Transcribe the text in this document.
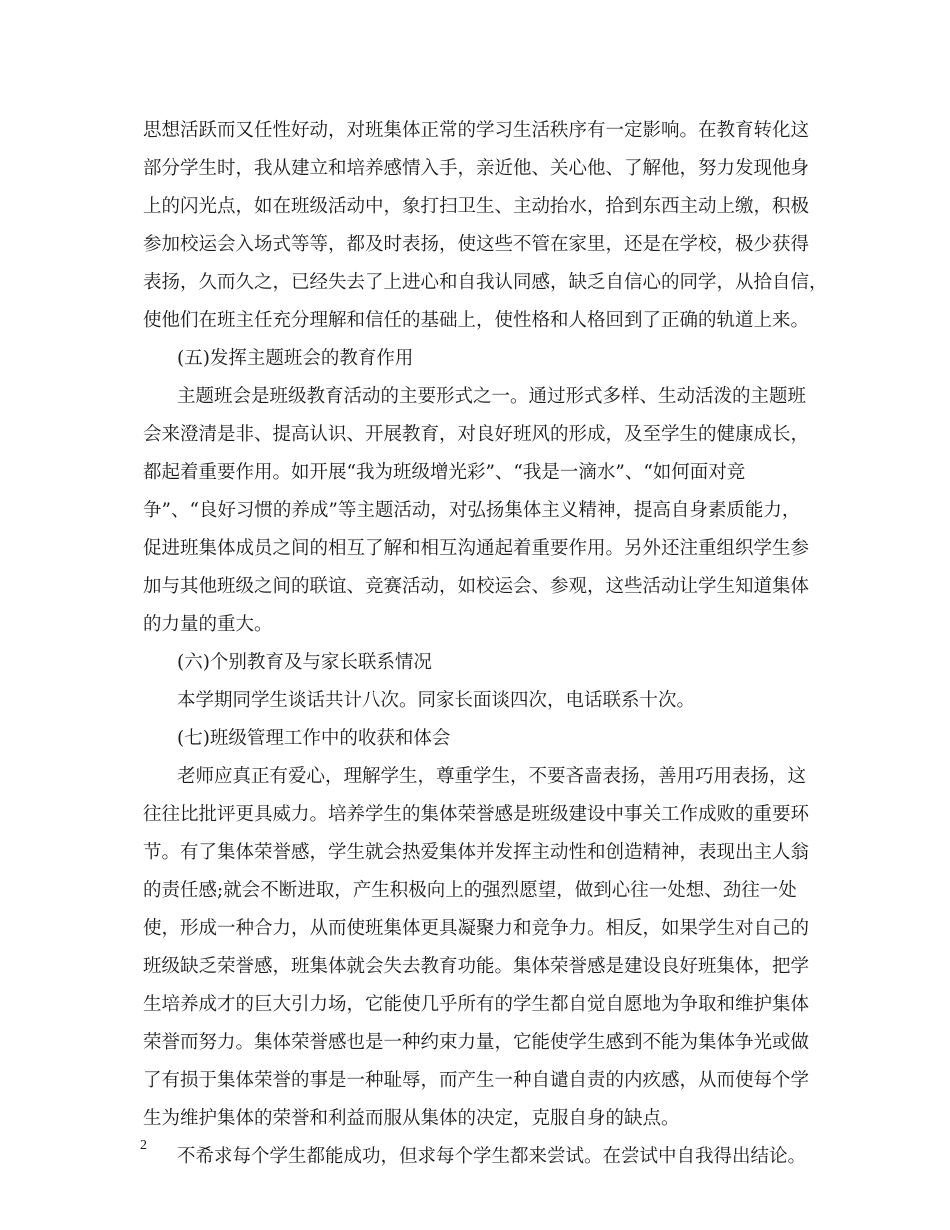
思想活跃而又任性好动，对班集体正常的学习生活秩序有一定影响。在教育转化这
部分学生时，我从建立和培养感情入手，亲近他、关心他、了解他，努力发现他身
上的闪光点，如在班级活动中，象打扫卫生、主动抬水，拾到东西主动上缴，积极
参加校运会入场式等等，都及时表扬，使这些不管在家里，还是在学校，极少获得
表扬，久而久之，已经失去了上进心和自我认同感，缺乏自信心的同学，从拾自信，
使他们在班主任充分理解和信任的基础上，使性格和人格回到了正确的轨道上来。
(五)发挥主题班会的教育作用
主题班会是班级教育活动的主要形式之一。通过形式多样、生动活泼的主题班
会来澄清是非、提高认识、开展教育，对良好班风的形成，及至学生的健康成长，
都起着重要作用。如开展“我为班级增光彩”、“我是一滴水”、“如何面对竞
争”、“良好习惯的养成”等主题活动，对弘扬集体主义精神，提高自身素质能力，
促进班集体成员之间的相互了解和相互沟通起着重要作用。另外还注重组织学生参
加与其他班级之间的联谊、竞赛活动，如校运会、参观，这些活动让学生知道集体
的力量的重大。
(六)个别教育及与家长联系情况
本学期同学生谈话共计八次。同家长面谈四次，电话联系十次。
(七)班级管理工作中的收获和体会
老师应真正有爱心，理解学生，尊重学生，不要吝啬表扬，善用巧用表扬，这
往往比批评更具威力。培养学生的集体荣誉感是班级建设中事关工作成败的重要环
节。有了集体荣誉感，学生就会热爱集体并发挥主动性和创造精神，表现出主人翁
的责任感;就会不断进取，产生积极向上的强烈愿望，做到心往一处想、劲往一处
使，形成一种合力，从而使班集体更具凝聚力和竞争力。相反，如果学生对自己的
班级缺乏荣誉感，班集体就会失去教育功能。集体荣誉感是建设良好班集体，把学
生培养成才的巨大引力场，它能使几乎所有的学生都自觉自愿地为争取和维护集体
荣誉而努力。集体荣誉感也是一种约束力量，它能使学生感到不能为集体争光或做
了有损于集体荣誉的事是一种耻辱，而产生一种自谴自责的内疚感，从而使每个学
生为维护集体的荣誉和利益而服从集体的决定，克服自身的缺点。
不希求每个学生都能成功，但求每个学生都来尝试。在尝试中自我得出结论。
2
